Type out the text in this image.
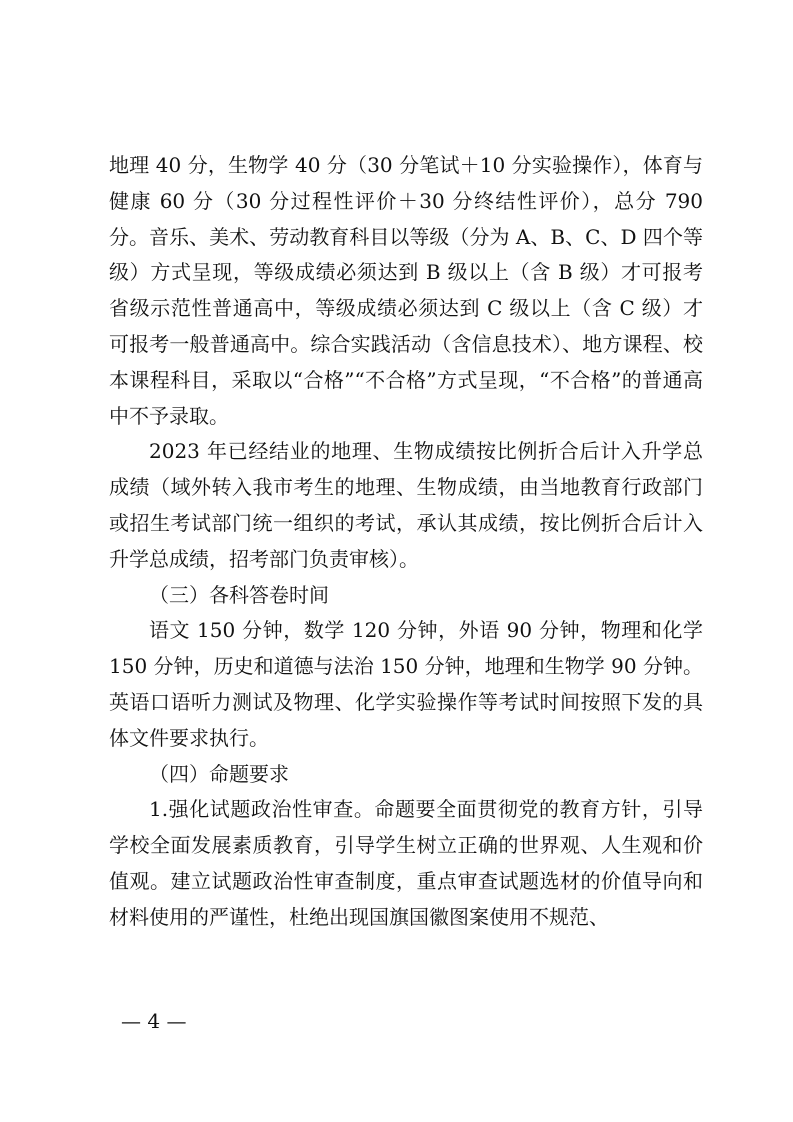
地理 40 分，生物学 40 分（30 分笔试＋10 分实验操作），体育与健康 60 分（30 分过程性评价＋30 分终结性评价），总分 790 分。音乐、美术、劳动教育科目以等级（分为 A、B、C、D 四个等级）方式呈现，等级成绩必须达到 B 级以上（含 B 级）才可报考省级示范性普通高中，等级成绩必须达到 C 级以上（含 C 级）才可报考一般普通高中。综合实践活动（含信息技术）、地方课程、校本课程科目，采取以“合格”“不合格”方式呈现，“不合格”的普通高中不予录取。

2023 年已经结业的地理、生物成绩按比例折合后计入升学总成绩（域外转入我市考生的地理、生物成绩，由当地教育行政部门或招生考试部门统一组织的考试，承认其成绩，按比例折合后计入升学总成绩，招考部门负责审核）。

（三）各科答卷时间

语文 150 分钟，数学 120 分钟，外语 90 分钟，物理和化学 150 分钟，历史和道德与法治 150 分钟，地理和生物学 90 分钟。英语口语听力测试及物理、化学实验操作等考试时间按照下发的具体文件要求执行。

（四）命题要求

1.强化试题政治性审查。命题要全面贯彻党的教育方针，引导学校全面发展素质教育，引导学生树立正确的世界观、人生观和价值观。建立试题政治性审查制度，重点审查试题选材的价值导向和材料使用的严谨性，杜绝出现国旗国徽图案使用不规范、

— 4 —
